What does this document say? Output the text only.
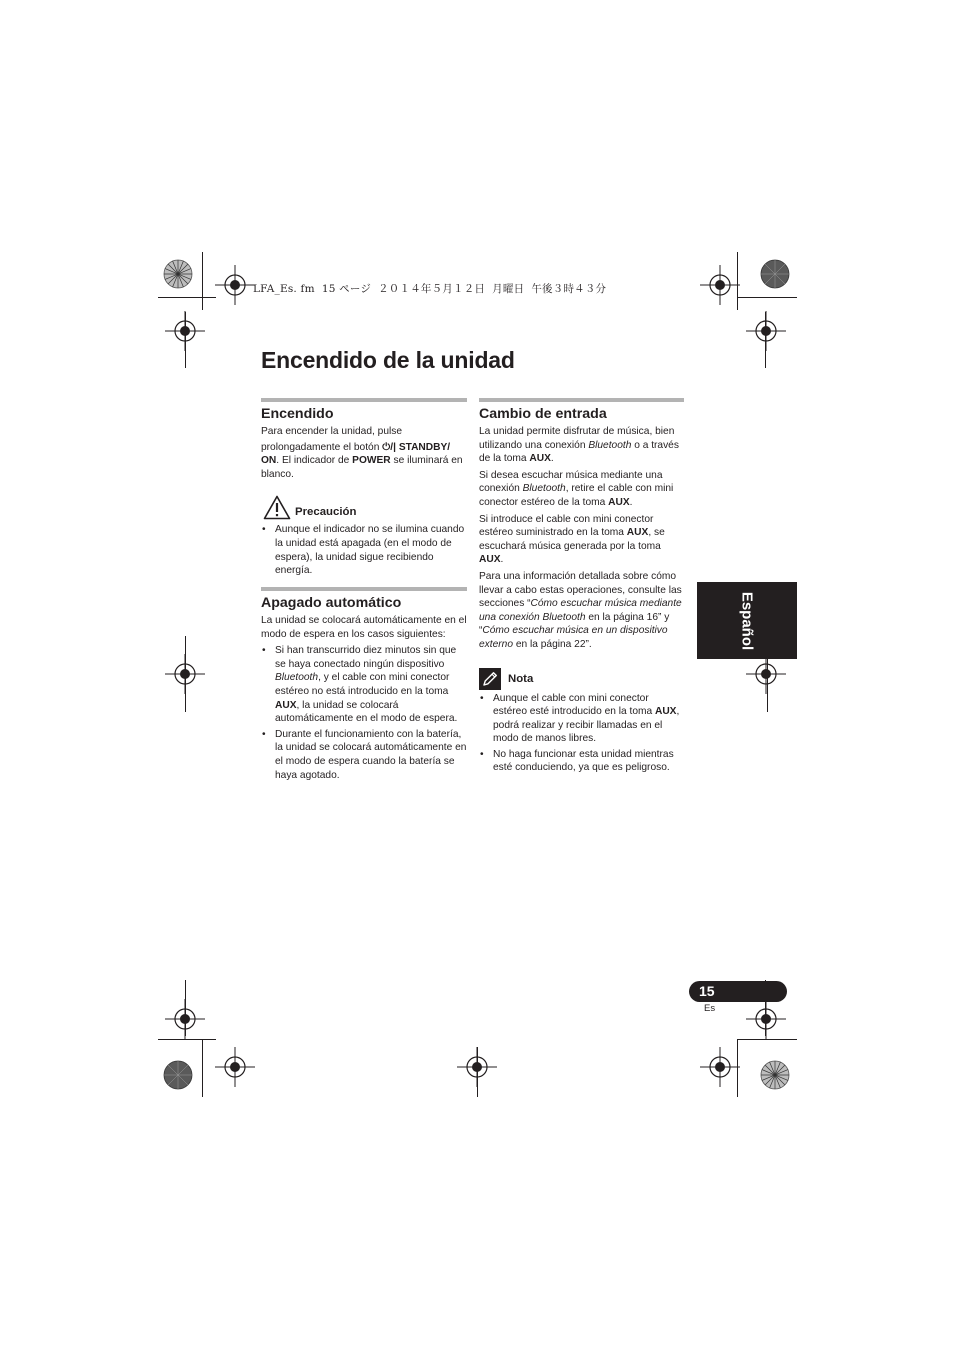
LFA_Es. fm  15 ページ  ２０１４年５月１２日  月曜日  午後３時４３分
Encendido de la unidad
Encendido

Para encender la unidad, pulse

prolongadamente el botón ⏻/| STANDBY/ ON. El indicador de POWER se iluminará en blanco.

Precaución
• Aunque el indicador no se ilumina cuando la unidad está apagada (en el modo de espera), la unidad sigue recibiendo energía.
Apagado automático

La unidad se colocará automáticamente en el modo de espera en los casos siguientes:

• Si han transcurrido diez minutos sin que se haya conectado ningún dispositivo Bluetooth, y el cable con mini conector estéreo no está introducido en la toma AUX, la unidad se colocará automáticamente en el modo de espera.
• Durante el funcionamiento con la batería, la unidad se colocará automáticamente en el modo de espera cuando la batería se haya agotado.
Cambio de entrada

La unidad permite disfrutar de música, bien utilizando una conexión Bluetooth o a través de la toma AUX.

Si desea escuchar música mediante una conexión Bluetooth, retire el cable con mini conector estéreo de la toma AUX.

Si introduce el cable con mini conector estéreo suministrado en la toma AUX, se escuchará música generada por la toma AUX.

Para una información detallada sobre cómo llevar a cabo estas operaciones, consulte las secciones “Cómo escuchar música mediante una conexión Bluetooth en la página 16” y “Cómo escuchar música en un dispositivo externo en la página 22”.

Nota
• Aunque el cable con mini conector estéreo esté introducido en la toma AUX, podrá realizar y recibir llamadas en el modo de manos libres.
• No haga funcionar esta unidad mientras esté conduciendo, ya que es peligroso.
Español
15
Es
